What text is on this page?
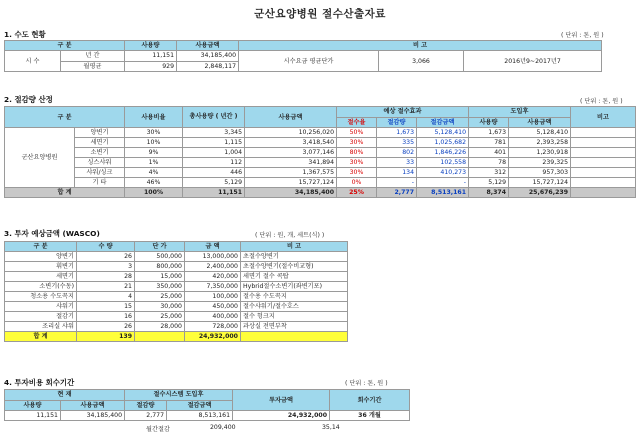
군산요양병원 절수산출자료
1. 수도 현황	( 단위 : 톤, 원 )
구 분		사용량	사용금액	비 고		
시 수	년 간	11,151	34,185,400	시수요금 평균단가	3,066	2016년9~2017년7
	월평균	929	2,848,117			
2. 절감량 산정	( 단위 : 톤, 원 )
구 분		사용비율	총사용량 ( 년간 )	사용금액	예상 절수효과			도입후		비고
					절수율	절감량	절감금액	사용량	사용금액	
군산요양병원	양변기	30%	3,345	10,256,020	50%	1,673	5,128,410	1,673	5,128,410	
	세면기	10%	1,115	3,418,540	30%	335	1,025,682	781	2,393,258	
	소변기	9%	1,004	3,077,146	80%	802	1,846,226	401	1,230,918	
	싱스샤워	1%	112	341,894	30%	33	102,558	78	239,325	
	샤워/싱크	4%	446	1,367,575	30%	134	410,273	312	957,303	
	기 타	46%	5,129	15,727,124	0%	-	-	5,129	15,727,124	
합 계		100%	11,151	34,185,400	25%	2,777	8,513,161	8,374	25,676,239	
3. 투자 예상금액 (WASCO)	( 단위 : 원, 개, 세트(식) )
구 분	수 량	단 가	금 액	비 고
양변기	26	500,000	13,000,000	초절수양변기
휘변기	3	800,000	2,400,000	초절수양변기(절수비교형)
세면기	28	15,000	420,000	세면기 절수 콕탑
소변기(수동)	21	350,000	7,350,000	Hybrid절수소변기(좌변기포)
청소용 수도꼭지	4	25,000	100,000	절수용 수도꼭지
샤워기	15	30,000	450,000	절수샤워기/절수호스
절감기	16	25,000	400,000	절수 헝크지
조리실 샤워	26	28,000	728,000	과상실 전면부착
합 계	139		24,932,000	
4. 투자비용 회수기간	( 단위 : 톤, 원 )
현 재		절수시스템 도입후		투자금액	회수기간
사용량	사용금액	절감량	절감금액		
11,151	34,185,400	2,777	8,513,161	24,932,000	36 개월
월간절감	209,400	35,14
